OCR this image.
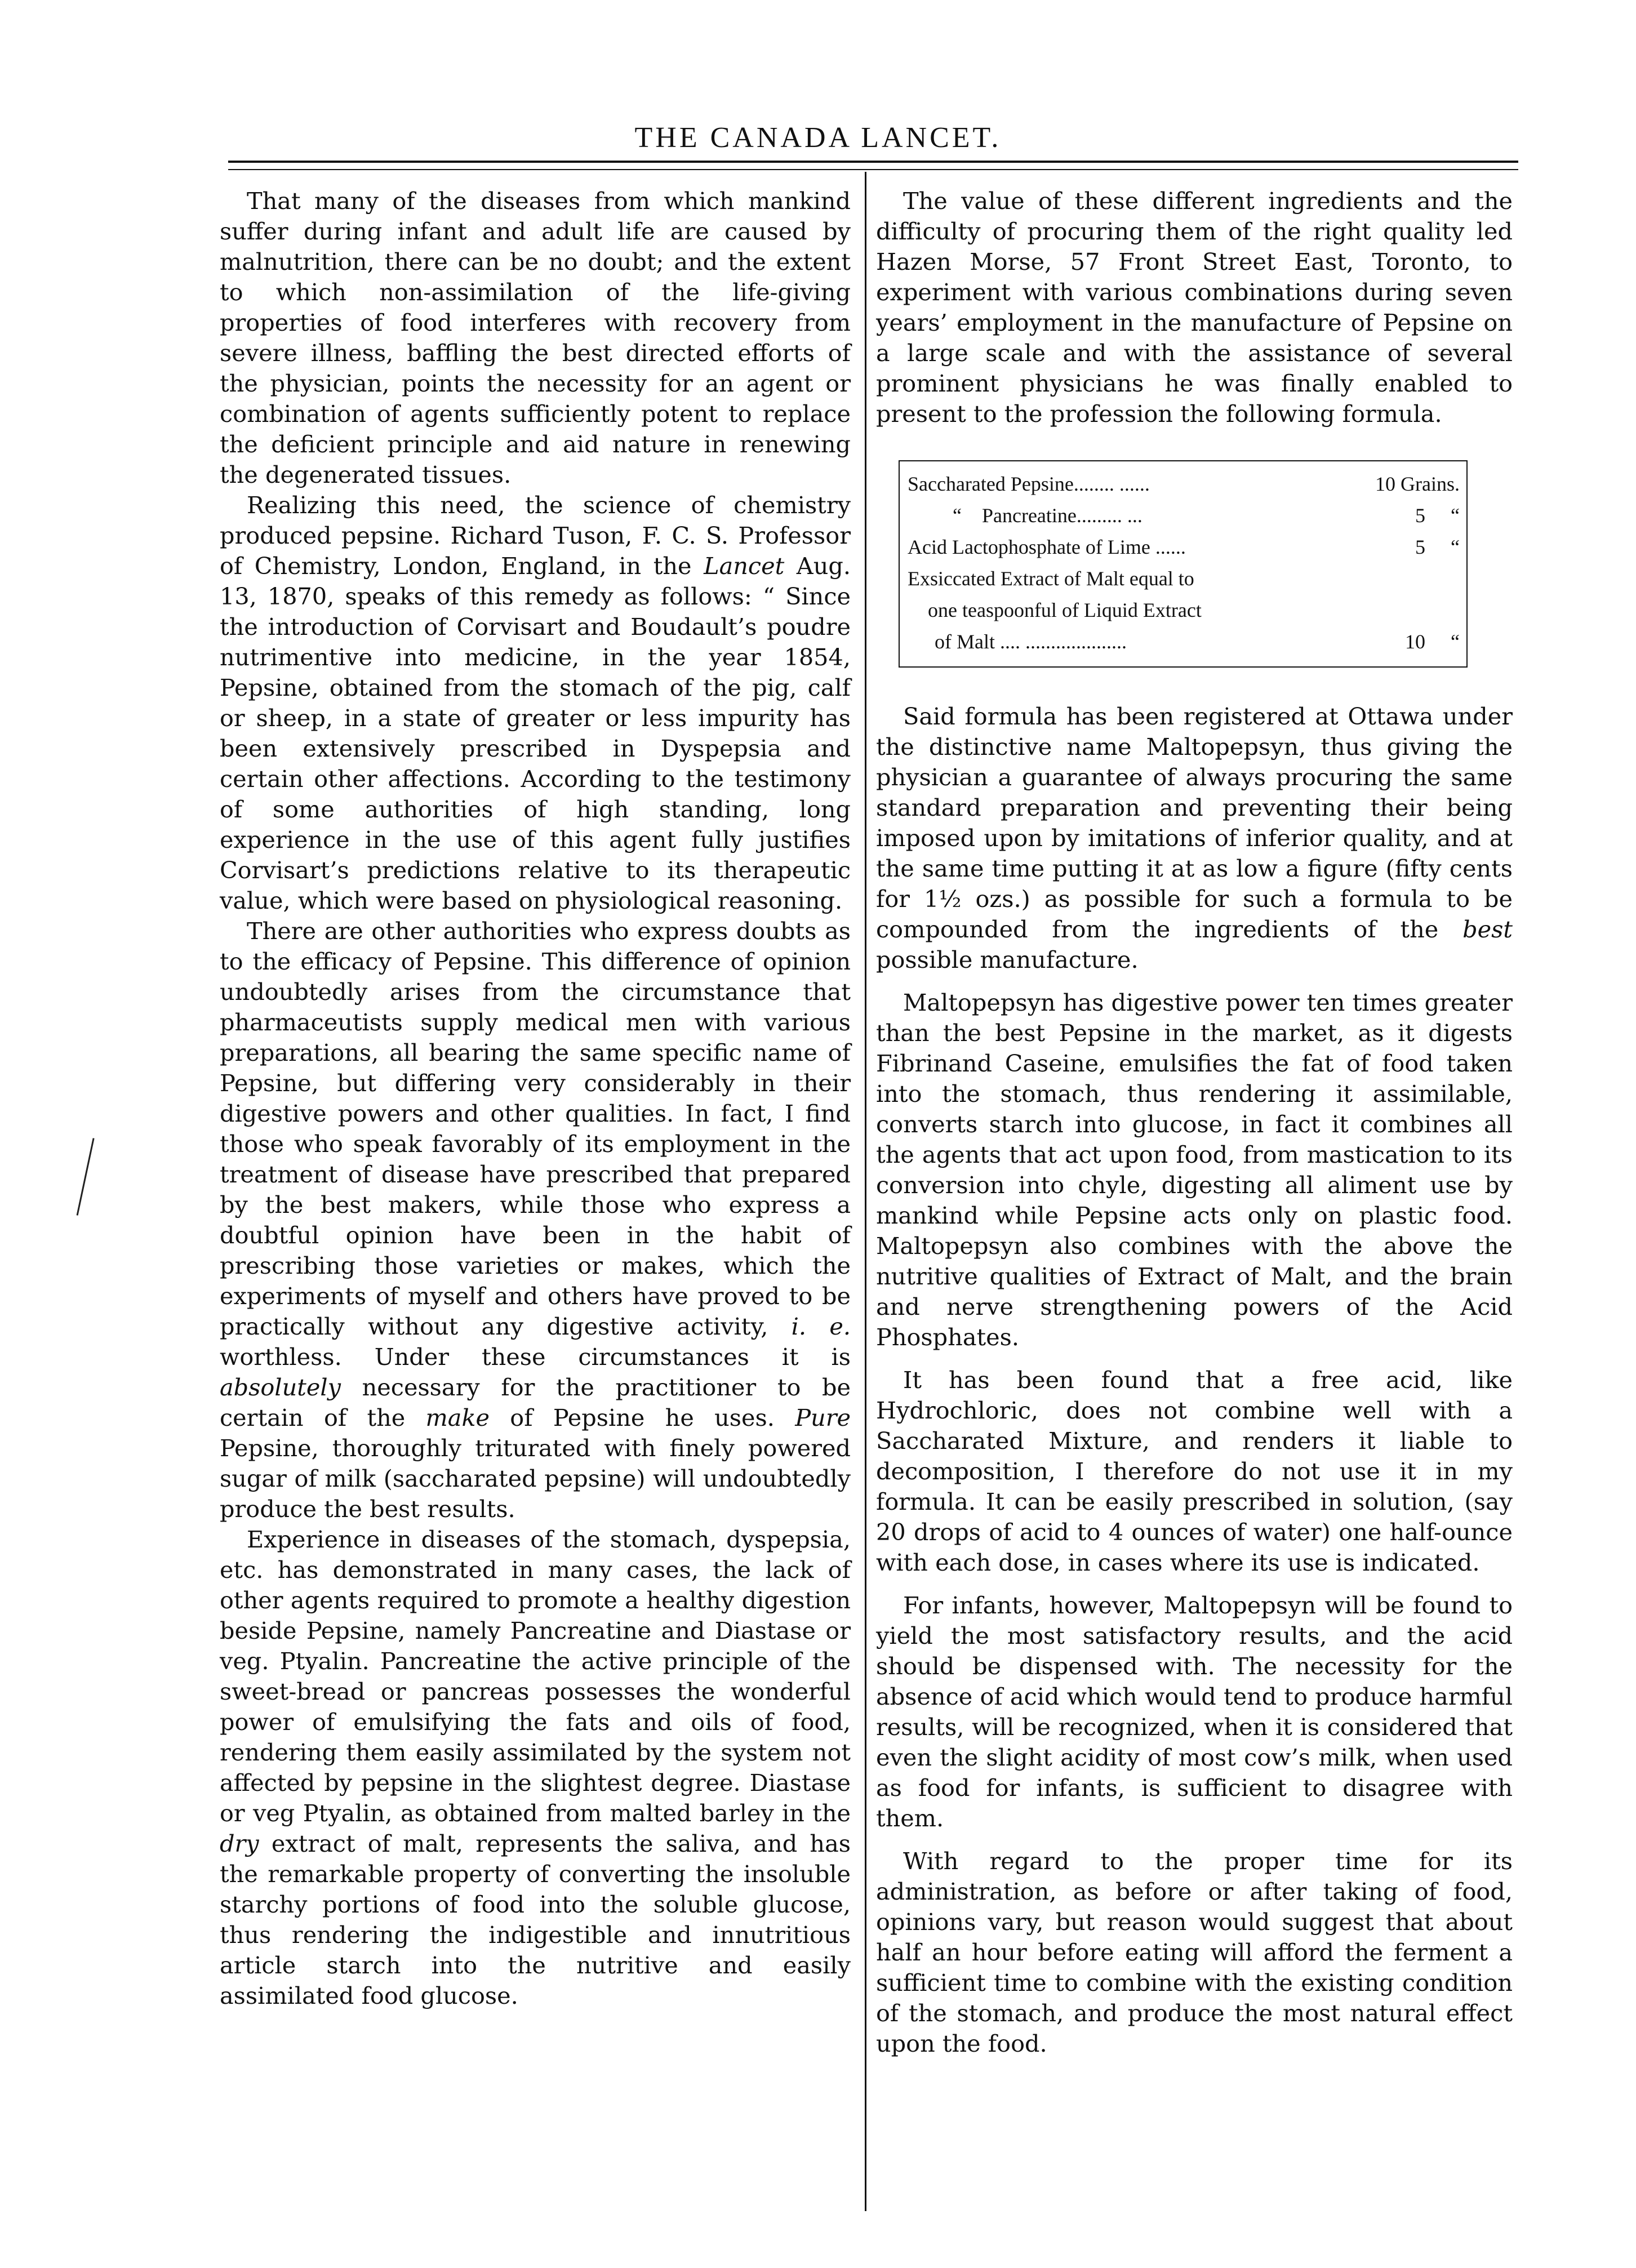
THE CANADA LANCET.

That many of the diseases from which mankind suffer during infant and adult life are caused by malnutrition, there can be no doubt; and the extent to which non-assimilation of the life-giving properties of food interferes with recovery from severe illness, baffling the best directed efforts of the physician, points the necessity for an agent or combination of agents sufficiently potent to replace the deficient principle and aid nature in renewing the degenerated tissues.

Realizing this need, the science of chemistry produced pepsine. Richard Tuson, F. C. S. Professor of Chemistry, London, England, in the Lancet Aug. 13, 1870, speaks of this remedy as follows: “ Since the introduction of Corvisart and Boudault’s poudre nutrimentive into medicine, in the year 1854, Pepsine, obtained from the stomach of the pig, calf or sheep, in a state of greater or less impurity has been extensively prescribed in Dyspepsia and certain other affections. According to the testimony of some authorities of high standing, long experience in the use of this agent fully justifies Corvisart’s predictions relative to its therapeutic value, which were based on physiological reasoning.

There are other authorities who express doubts as to the efficacy of Pepsine. This difference of opinion undoubtedly arises from the circumstance that pharmaceutists supply medical men with various preparations, all bearing the same specific name of Pepsine, but differing very considerably in their digestive powers and other qualities. In fact, I find those who speak favorably of its employment in the treatment of disease have prescribed that prepared by the best makers, while those who express a doubtful opinion have been in the habit of prescribing those varieties or makes, which the experiments of myself and others have proved to be practically without any digestive activity, i. e. worthless. Under these circumstances it is absolutely necessary for the practitioner to be certain of the make of Pepsine he uses. Pure Pepsine, thoroughly triturated with finely powered sugar of milk (saccharated pepsine) will undoubtedly produce the best results.

Experience in diseases of the stomach, dyspepsia, etc. has demonstrated in many cases, the lack of other agents required to promote a healthy digestion beside Pepsine, namely Pancreatine and Diastase or veg. Ptyalin. Pancreatine the active principle of the sweet-bread or pancreas possesses the wonderful power of emulsifying the fats and oils of food, rendering them easily assimilated by the system not affected by pepsine in the slightest degree. Diastase or veg Ptyalin, as obtained from malted barley in the dry extract of malt, represents the saliva, and has the remarkable property of converting the insoluble starchy portions of food into the soluble glucose, thus rendering the indigestible and innutritious article starch into the nutritive and easily assimilated food glucose.

The value of these different ingredients and the difficulty of procuring them of the right quality led Hazen Morse, 57 Front Street East, Toronto, to experiment with various combinations during seven years’ employment in the manufacture of Pepsine on a large scale and with the assistance of several prominent physicians he was finally enabled to present to the profession the following formula.

Saccharated Pepsine........ ......	10 Grains.
“    Pancreatine......... ...	5     “
Acid Lactophosphate of Lime ......	5     “
Exsiccated Extract of Malt equal to
one teaspoonful of Liquid Extract
of Malt .... ....................	10     “

Said formula has been registered at Ottawa under the distinctive name Maltopepsyn, thus giving the physician a guarantee of always procuring the same standard preparation and preventing their being imposed upon by imitations of inferior quality, and at the same time putting it at as low a figure (fifty cents for 1½ ozs.) as possible for such a formula to be compounded from the ingredients of the best possible manufacture.

Maltopepsyn has digestive power ten times greater than the best Pepsine in the market, as it digests Fibrinand Caseine, emulsifies the fat of food taken into the stomach, thus rendering it assimilable, converts starch into glucose, in fact it combines all the agents that act upon food, from mastication to its conversion into chyle, digesting all aliment use by mankind while Pepsine acts only on plastic food. Maltopepsyn also combines with the above the nutritive qualities of Extract of Malt, and the brain and nerve strengthening powers of the Acid Phosphates.

It has been found that a free acid, like Hydrochloric, does not combine well with a Saccharated Mixture, and renders it liable to decomposition, I therefore do not use it in my formula. It can be easily prescribed in solution, (say 20 drops of acid to 4 ounces of water) one half-ounce with each dose, in cases where its use is indicated.

For infants, however, Maltopepsyn will be found to yield the most satisfactory results, and the acid should be dispensed with. The necessity for the absence of acid which would tend to produce harmful results, will be recognized, when it is considered that even the slight acidity of most cow’s milk, when used as food for infants, is sufficient to disagree with them.

With regard to the proper time for its administration, as before or after taking of food, opinions vary, but reason would suggest that about half an hour before eating will afford the ferment a sufficient time to combine with the existing condition of the stomach, and produce the most natural effect upon the food.
